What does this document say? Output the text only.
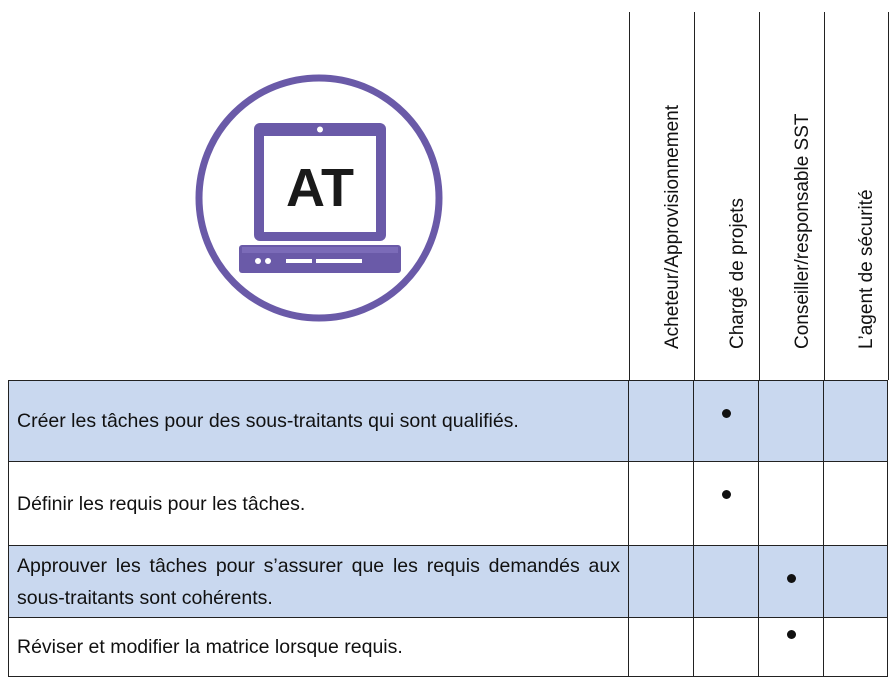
AT	Acheteur/Approvisionnement Chargé de projets Conseiller/responsable SST L’agent de sécurité
Créer les tâches pour des sous-traitants qui sont qualifiés.
Définir les requis pour les tâches.
Approuver les tâches pour s’assurer que les requis demandés aux sous-traitants sont cohérents.
Réviser et modifier la matrice lorsque requis.
